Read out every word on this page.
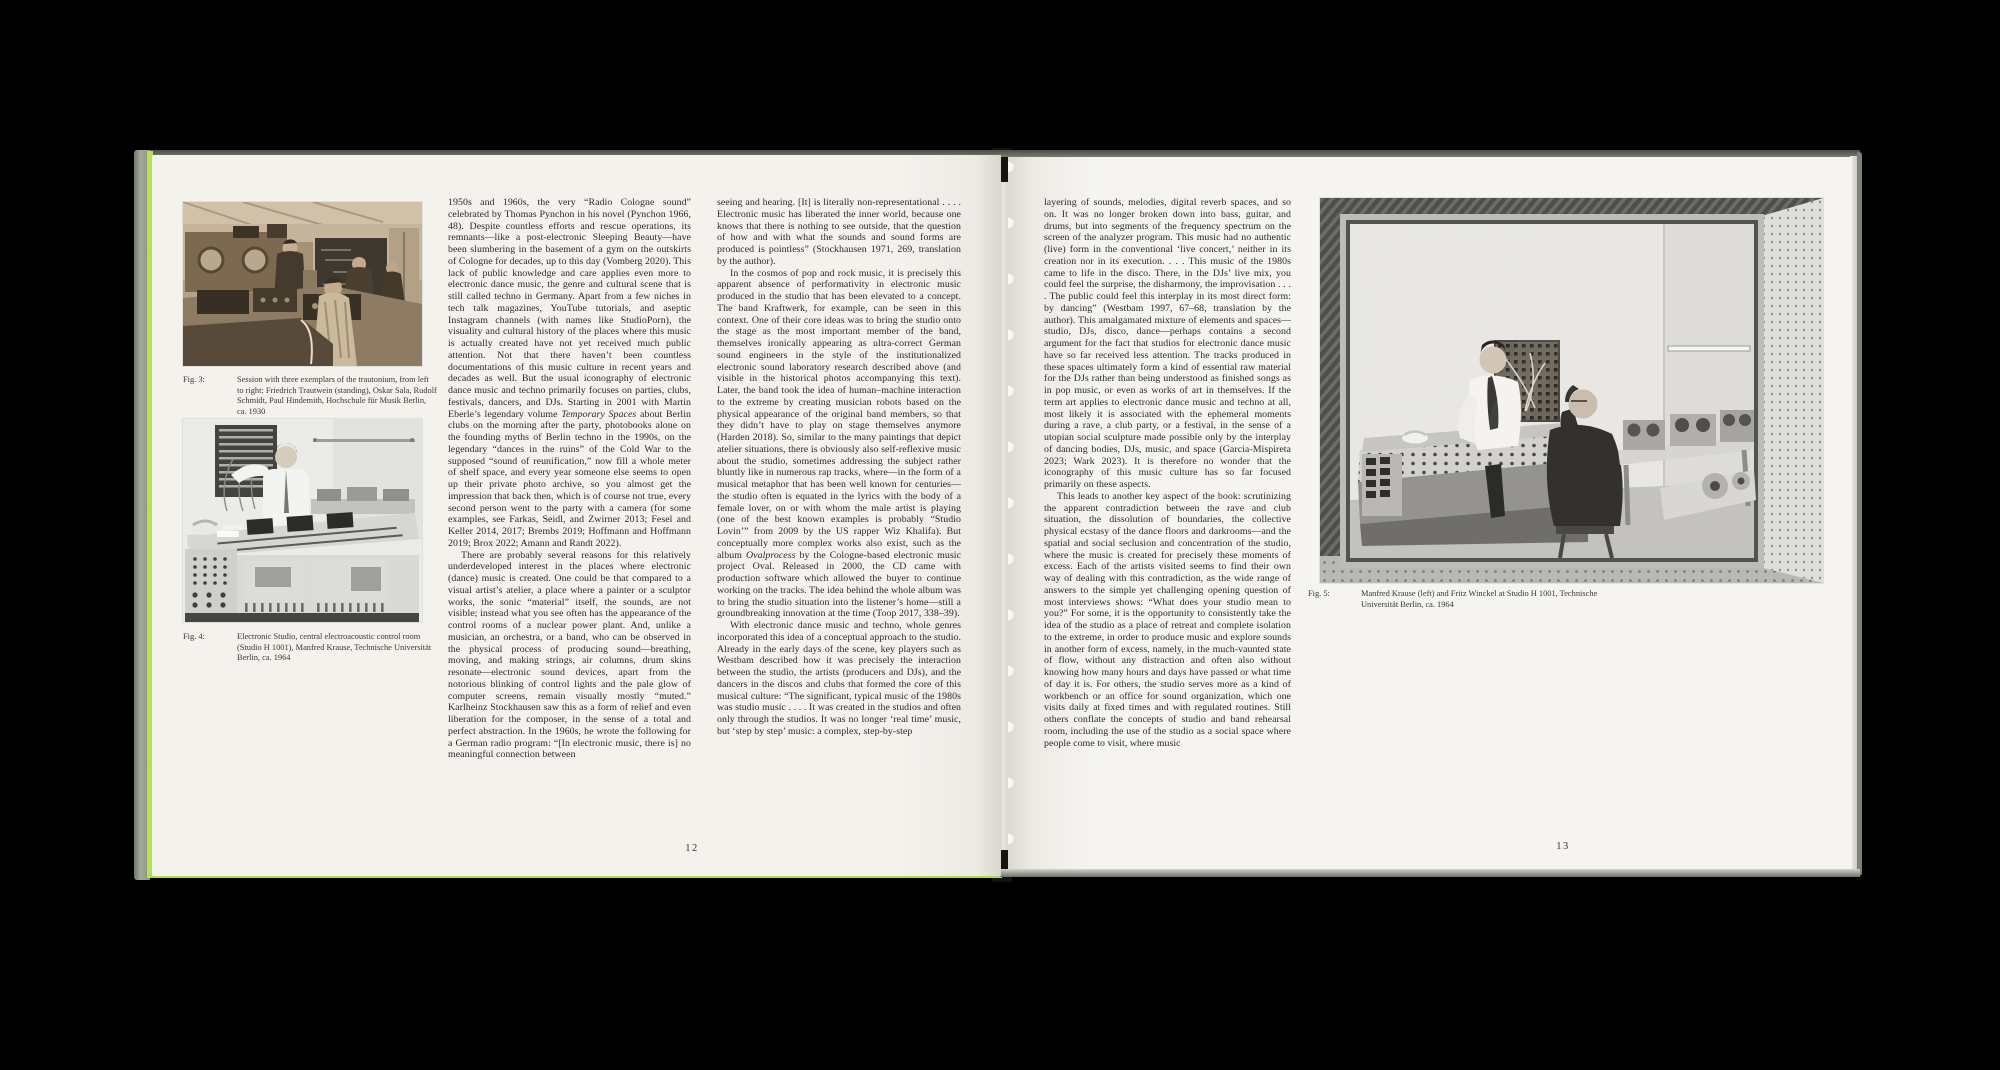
Fig. 3:	Session with three exemplars of the trautonium, from left to right: Friedrich Trautwein (standing), Oskar Sala, Rudolf Schmidt, Paul Hindemith, Hochschule für Musik Berlin, ca. 1930
Fig. 4:	Electronic Studio, central electroacoustic control room (Studio H 1001), Manfred Krause, Technische Universität Berlin, ca. 1964

1950s and 1960s, the very “Radio Cologne sound” celebrated by Thomas Pynchon in his novel (Pynchon 1966, 48). Despite countless efforts and rescue operations, its remnants—like a post-electronic Sleeping Beauty—have been slumbering in the basement of a gym on the outskirts of Cologne for decades, up to this day (Vomberg 2020). This lack of public knowledge and care applies even more to electronic dance music, the genre and cultural scene that is still called techno in Germany. Apart from a few niches in tech talk magazines, YouTube tutorials, and aseptic Instagram channels (with names like StudioPorn), the visuality and cultural history of the places where this music is actually created have not yet received much public attention. Not that there haven’t been countless documentations of this music culture in recent years and decades as well. But the usual iconography of electronic dance music and techno primarily focuses on parties, clubs, festivals, dancers, and DJs. Starting in 2001 with Martin Eberle’s legendary volume Temporary Spaces about Berlin clubs on the morning after the party, photobooks alone on the founding myths of Berlin techno in the 1990s, on the legendary “dances in the ruins” of the Cold War to the supposed “sound of reunification,” now fill a whole meter of shelf space, and every year someone else seems to open up their private photo archive, so you almost get the impression that back then, which is of course not true, every second person went to the party with a camera (for some examples, see Farkas, Seidl, and Zwirner 2013; Fesel and Keller 2014, 2017; Brembs 2019; Hoffmann and Hoffmann 2019; Brox 2022; Amann and Randt 2022).

There are probably several reasons for this relatively underdeveloped interest in the places where electronic (dance) music is created. One could be that compared to a visual artist’s atelier, a place where a painter or a sculptor works, the sonic “material” itself, the sounds, are not visible; instead what you see often has the appearance of the control rooms of a nuclear power plant. And, unlike a musician, an orchestra, or a band, who can be observed in the physical process of producing sound—breathing, moving, and making strings, air columns, drum skins resonate—electronic sound devices, apart from the notorious blinking of control lights and the pale glow of computer screens, remain visually mostly “muted.” Karlheinz Stockhausen saw this as a form of relief and even liberation for the composer, in the sense of a total and perfect abstraction. In the 1960s, he wrote the following for a German radio program: “[In electronic music, there is] no meaningful connection between

seeing and hearing. [It] is literally non-representational . . . . Electronic music has liberated the inner world, because one knows that there is nothing to see outside, that the question of how and with what the sounds and sound forms are produced is pointless” (Stockhausen 1971, 269, translation by the author).

In the cosmos of pop and rock music, it is precisely this apparent absence of performativity in electronic music produced in the studio that has been elevated to a concept. The band Kraftwerk, for example, can be seen in this context. One of their core ideas was to bring the studio onto the stage as the most important member of the band, themselves ironically appearing as ultra-correct German sound engineers in the style of the institutionalized electronic sound laboratory research described above (and visible in the historical photos accompanying this text). Later, the band took the idea of human–machine interaction to the extreme by creating musician robots based on the physical appearance of the original band members, so that they didn’t have to play on stage themselves anymore (Harden 2018). So, similar to the many paintings that depict atelier situations, there is obviously also self-reflexive music about the studio, sometimes addressing the subject rather bluntly like in numerous rap tracks, where—in the form of a musical metaphor that has been well known for centuries—the studio often is equated in the lyrics with the body of a female lover, on or with whom the male artist is playing (one of the best known examples is probably “Studio Lovin’” from 2009 by the US rapper Wiz Khalifa). But conceptually more complex works also exist, such as the album Ovalprocess by the Cologne-based electronic music project Oval. Released in 2000, the CD came with production software which allowed the buyer to continue working on the tracks. The idea behind the whole album was to bring the studio situation into the listener’s home—still a groundbreaking innovation at the time (Toop 2017, 338–39).

With electronic dance music and techno, whole genres incorporated this idea of a conceptual approach to the studio. Already in the early days of the scene, key players such as Westbam described how it was precisely the interaction between the studio, the artists (producers and DJs), and the dancers in the discos and clubs that formed the core of this musical culture: “The significant, typical music of the 1980s was studio music . . . . It was created in the studios and often only through the studios. It was no longer ‘real time’ music, but ‘step by step’ music: a complex, step-by-step

12

layering of sounds, melodies, digital reverb spaces, and so on. It was no longer broken down into bass, guitar, and drums, but into segments of the frequency spectrum on the screen of the analyzer program. This music had no authentic (live) form in the conventional ‘live concert,’ neither in its creation nor in its execution. . . . This music of the 1980s came to life in the disco. There, in the DJs’ live mix, you could feel the surprise, the disharmony, the improvisation . . . . The public could feel this interplay in its most direct form: by dancing” (Westbam 1997, 67–68, translation by the author). This amalgamated mixture of elements and spaces—studio, DJs, disco, dance—perhaps contains a second argument for the fact that studios for electronic dance music have so far received less attention. The tracks produced in these spaces ultimately form a kind of essential raw material for the DJs rather than being understood as finished songs as in pop music, or even as works of art in themselves. If the term art applies to electronic dance music and techno at all, most likely it is associated with the ephemeral moments during a rave, a club party, or a festival, in the sense of a utopian social sculpture made possible only by the interplay of dancing bodies, DJs, music, and space (Garcia-Mispireta 2023; Wark 2023). It is therefore no wonder that the iconography of this music culture has so far focused primarily on these aspects.

This leads to another key aspect of the book: scrutinizing the apparent contradiction between the rave and club situation, the dissolution of boundaries, the collective physical ecstasy of the dance floors and darkrooms—and the spatial and social seclusion and concentration of the studio, where the music is created for precisely these moments of excess. Each of the artists visited seems to find their own way of dealing with this contradiction, as the wide range of answers to the simple yet challenging opening question of most interviews shows: “What does your studio mean to you?” For some, it is the opportunity to consistently take the idea of the studio as a place of retreat and complete isolation to the extreme, in order to produce music and explore sounds in another form of excess, namely, in the much-vaunted state of flow, without any distraction and often also without knowing how many hours and days have passed or what time of day it is. For others, the studio serves more as a kind of workbench or an office for sound organization, which one visits daily at fixed times and with regulated routines. Still others conflate the concepts of studio and band rehearsal room, including the use of the studio as a social space where people come to visit, where music

Fig. 5:	Manfred Krause (left) and Fritz Winckel at Studio H 1001, Technische Universität Berlin, ca. 1964
13
